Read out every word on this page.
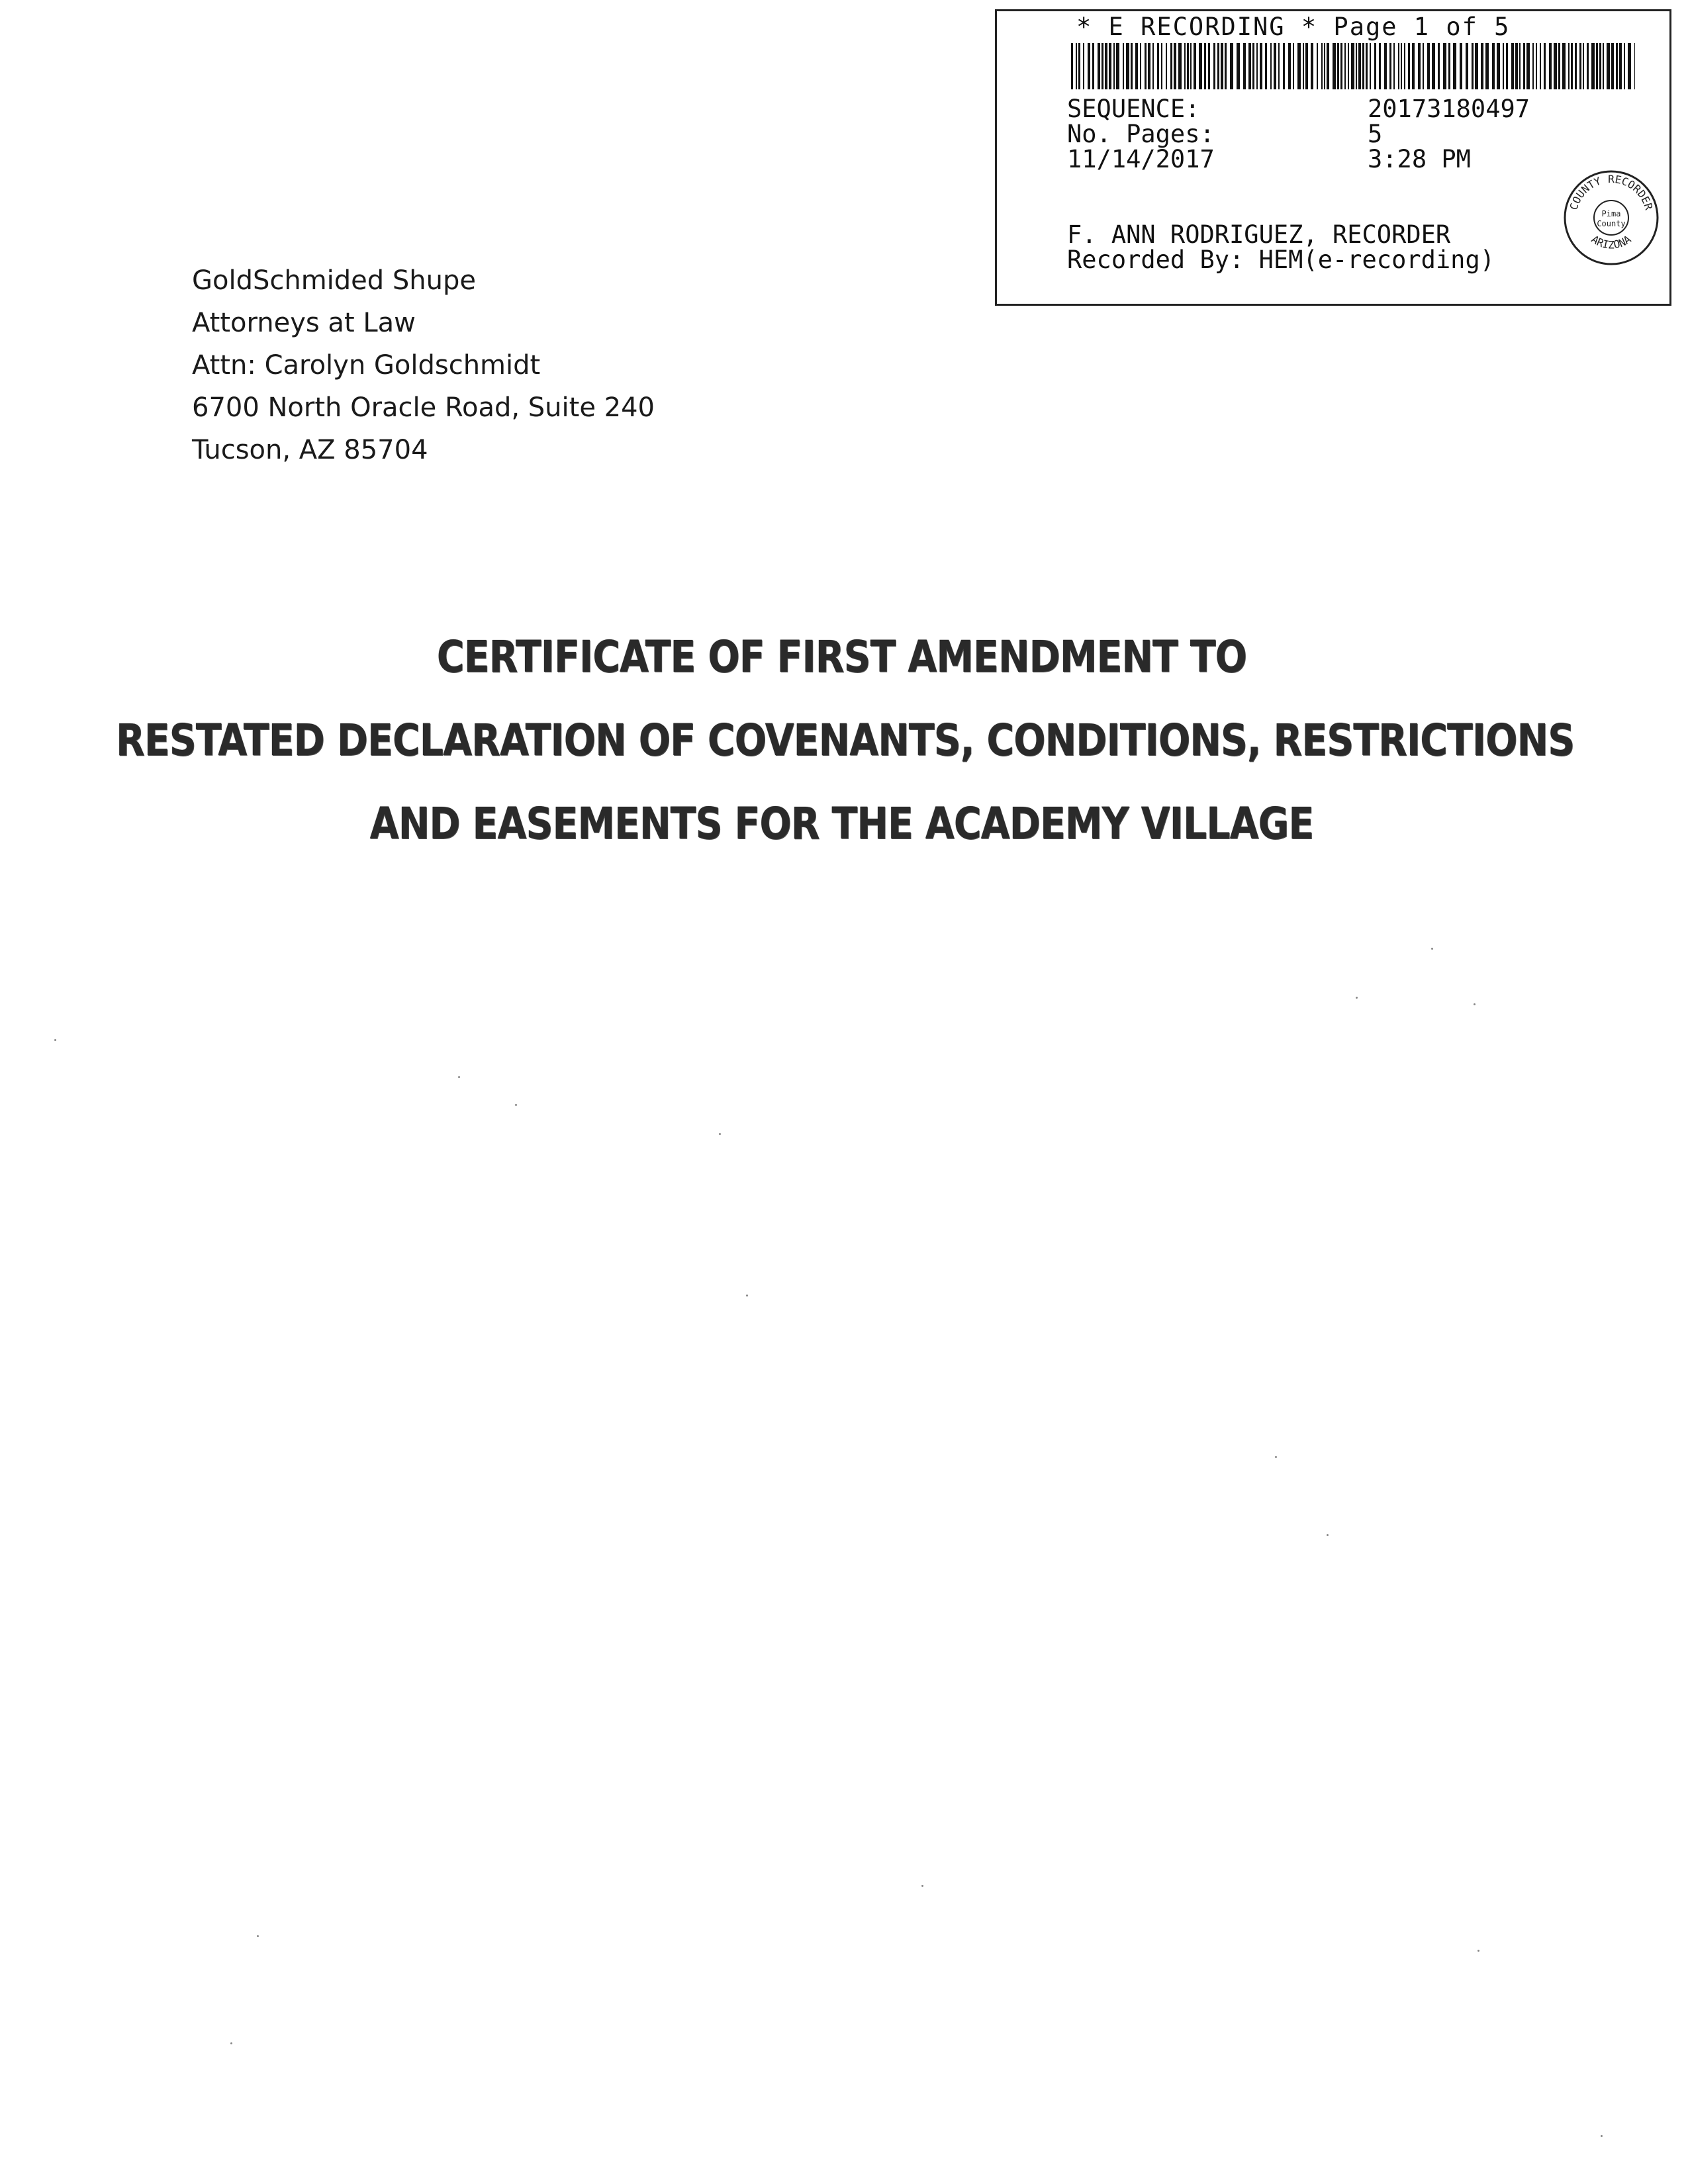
* E RECORDING * Page 1 of 5
SEQUENCE:	20173180497
No. Pages:	5
11/14/2017	3:28 PM
F. ANN RODRIGUEZ, RECORDER
Recorded By: HEM(e-recording)
COUNTY RECORDER
ARIZONA
Pima
County
GoldSchmided Shupe
Attorneys at Law
Attn: Carolyn Goldschmidt
6700 North Oracle Road, Suite 240
Tucson, AZ 85704
CERTIFICATE OF FIRST AMENDMENT TO
RESTATED DECLARATION OF COVENANTS, CONDITIONS, RESTRICTIONS
AND EASEMENTS FOR THE ACADEMY VILLAGE
